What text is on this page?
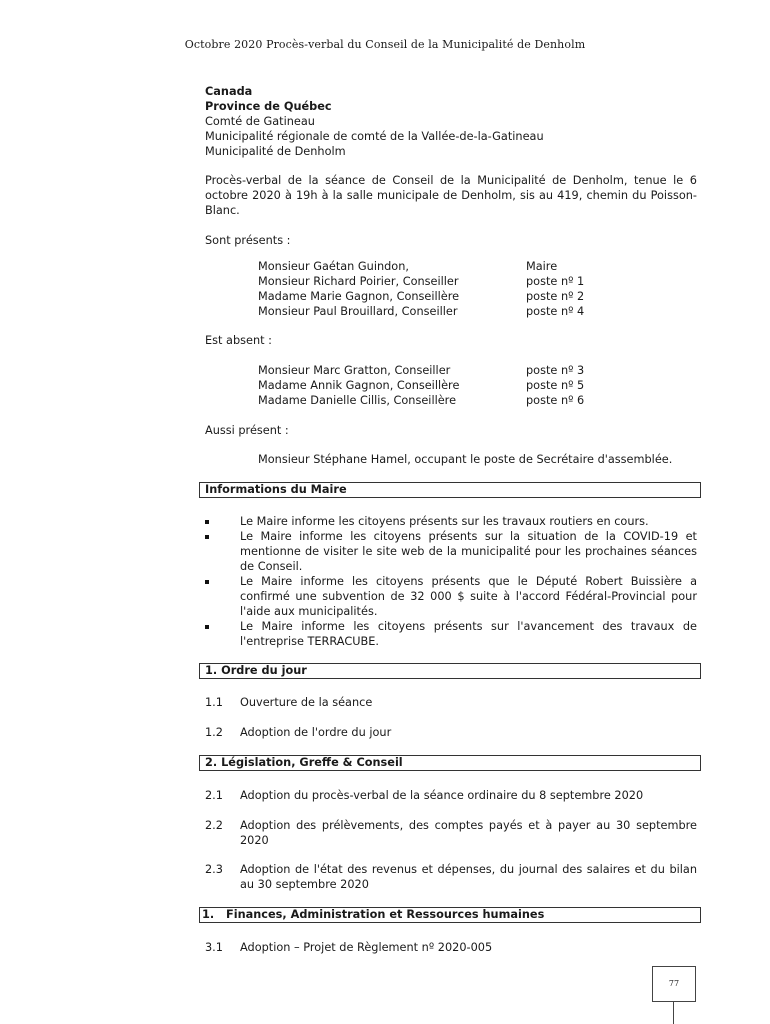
Octobre 2020 Procès-verbal du Conseil de la Municipalité de Denholm
Canada
Province de Québec
Comté de Gatineau
Municipalité régionale de comté de la Vallée-de-la-Gatineau
Municipalité de Denholm
Procès-verbal de la séance de Conseil de la Municipalité de Denholm, tenue le 6 octobre 2020 à 19h à la salle municipale de Denholm, sis au 419, chemin du Poisson-Blanc.
Sont présents :
Monsieur Gaétan Guindon,	Maire
Monsieur Richard Poirier, Conseiller	poste nº 1
Madame Marie Gagnon, Conseillère	poste nº 2
Monsieur Paul Brouillard, Conseiller	poste nº 4
Est absent :
Monsieur Marc Gratton, Conseiller	poste nº 3
Madame Annik Gagnon, Conseillère	poste nº 5
Madame Danielle Cillis, Conseillère	poste nº 6
Aussi présent :
Monsieur Stéphane Hamel, occupant le poste de Secrétaire d'assemblée.
Informations du Maire
Le Maire informe les citoyens présents sur les travaux routiers en cours.
Le Maire informe les citoyens présents sur la situation de la COVID-19 et mentionne de visiter le site web de la municipalité pour les prochaines séances de Conseil.
Le Maire informe les citoyens présents que le Député Robert Buissière a confirmé une subvention de 32 000 $ suite à l'accord Fédéral-Provincial pour l'aide aux municipalités.
Le Maire informe les citoyens présents sur l'avancement des travaux de l'entreprise TERRACUBE.
1. Ordre du jour
1.1 Ouverture de la séance
1.2 Adoption de l'ordre du jour
2. Législation, Greffe & Conseil
2.1 Adoption du procès-verbal de la séance ordinaire du 8 septembre 2020
2.2 Adoption des prélèvements, des comptes payés et à payer au 30 septembre 2020
2.3 Adoption de l'état des revenus et dépenses, du journal des salaires et du bilan au 30 septembre 2020
1. Finances, Administration et Ressources humaines
3.1 Adoption – Projet de Règlement nº 2020-005
77
